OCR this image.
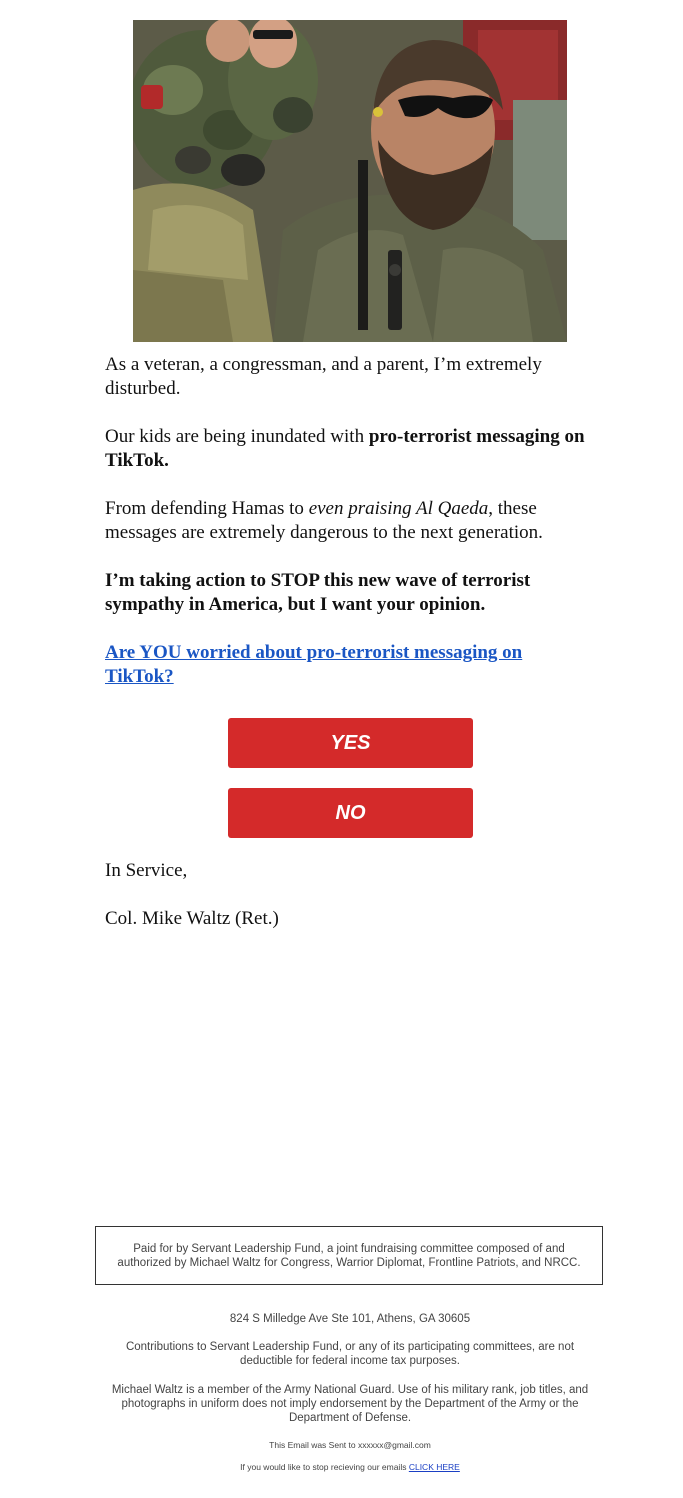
As a veteran, a congressman, and a parent, I’m extremely disturbed.

Our kids are being inundated with pro-terrorist messaging on TikTok.

From defending Hamas to even praising Al Qaeda, these messages are extremely dangerous to the next generation.

I’m taking action to STOP this new wave of terrorist sympathy in America, but I want your opinion.

Are YOU worried about pro-terrorist messaging on TikTok?

YES
NO

In Service,

Col. Mike Waltz (Ret.)

Paid for by Servant Leadership Fund, a joint fundraising committee composed of and authorized by Michael Waltz for Congress, Warrior Diplomat, Frontline Patriots, and NRCC.

824 S Milledge Ave Ste 101, Athens, GA 30605

Contributions to Servant Leadership Fund, or any of its participating committees, are not deductible for federal income tax purposes.

Michael Waltz is a member of the Army National Guard. Use of his military rank, job titles, and photographs in uniform does not imply endorsement by the Department of the Army or the Department of Defense.

This Email was Sent to xxxxxx@gmail.com

If you would like to stop recieving our emails CLICK HERE
